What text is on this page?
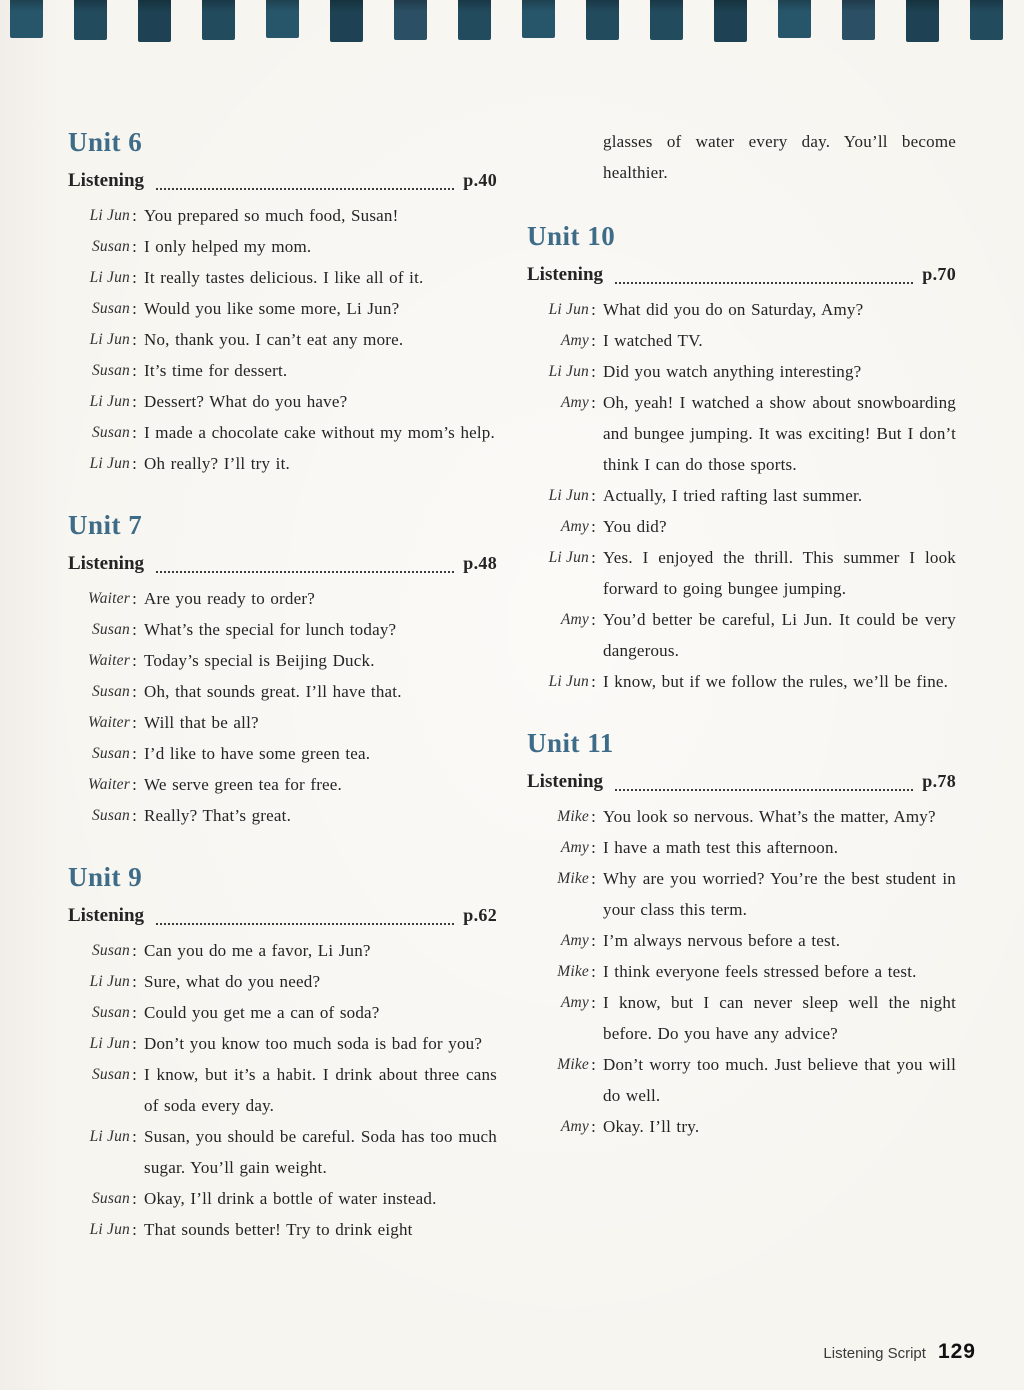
Unit 6
Listening	p.40
Li Jun : You prepared so much food, Susan!
Susan : I only helped my mom.
Li Jun : It really tastes delicious. I like all of it.
Susan : Would you like some more, Li Jun?
Li Jun : No, thank you. I can’t eat any more.
Susan : It’s time for dessert.
Li Jun : Dessert? What do you have?
Susan : I made a chocolate cake without my mom’s help.
Li Jun : Oh really? I’ll try it.
Unit 7
Listening	p.48
Waiter : Are you ready to order?
Susan : What’s the special for lunch today?
Waiter : Today’s special is Beijing Duck.
Susan : Oh, that sounds great. I’ll have that.
Waiter : Will that be all?
Susan : I’d like to have some green tea.
Waiter : We serve green tea for free.
Susan : Really? That’s great.
Unit 9
Listening	p.62
Susan : Can you do me a favor, Li Jun?
Li Jun : Sure, what do you need?
Susan : Could you get me a can of soda?
Li Jun : Don’t you know too much soda is bad for you?
Susan : I know, but it’s a habit. I drink about three cans of soda every day.
Li Jun : Susan, you should be careful. Soda has too much sugar. You’ll gain weight.
Susan : Okay, I’ll drink a bottle of water instead.
Li Jun : That sounds better! Try to drink eight

glasses of water every day. You’ll become healthier.

Unit 10
Listening	p.70
Li Jun : What did you do on Saturday, Amy?
Amy : I watched TV.
Li Jun : Did you watch anything interesting?
Amy : Oh, yeah! I watched a show about snowboarding and bungee jumping. It was exciting! But I don’t think I can do those sports.
Li Jun : Actually, I tried rafting last summer.
Amy : You did?
Li Jun : Yes. I enjoyed the thrill. This summer I look forward to going bungee jumping.
Amy : You’d better be careful, Li Jun. It could be very dangerous.
Li Jun : I know, but if we follow the rules, we’ll be fine.
Unit 11
Listening	p.78
Mike : You look so nervous. What’s the matter, Amy?
Amy : I have a math test this afternoon.
Mike : Why are you worried? You’re the best student in your class this term.
Amy : I’m always nervous before a test.
Mike : I think everyone feels stressed before a test.
Amy : I know, but I can never sleep well the night before. Do you have any advice?
Mike : Don’t worry too much. Just believe that you will do well.
Amy : Okay. I’ll try.
Listening Script 129
